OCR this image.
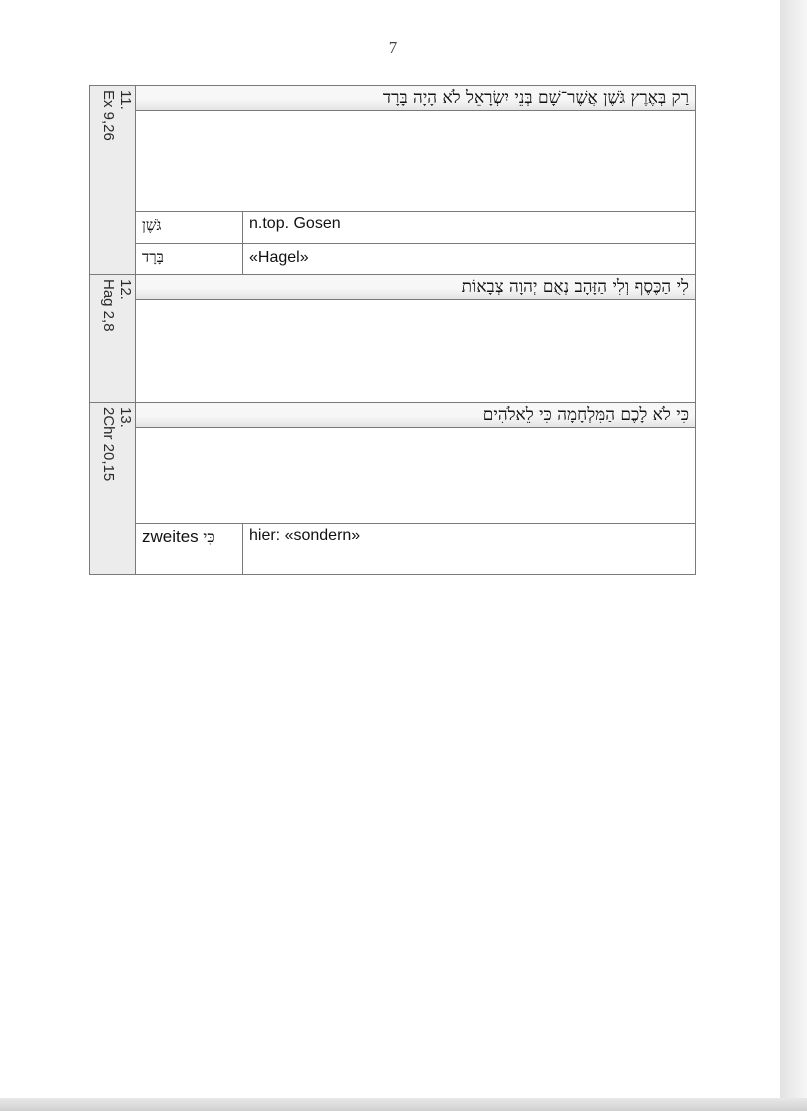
7
11.
Ex 9,26	רַק בְּאֶרֶץ גֹּשֶׁן אֲשֶׁר־שָׁם בְּנֵי יִשְׂרָאֵל לֹא הָיָה בָּרָד
גֹּשֶׁן	n.top. Gosen
בָּרָד	«Hagel»
12.
Hag 2,8	לִי הַכֶּסֶף וְלִי הַזָּהָב נְאֻם יְהוָה צְבָאוֹת
13.
2Chr 20,15	כִּי לֹא לָכֶם הַמִּלְחָמָה כִּי לֵאלֹהִים
zweites כִּי	hier: «sondern»
